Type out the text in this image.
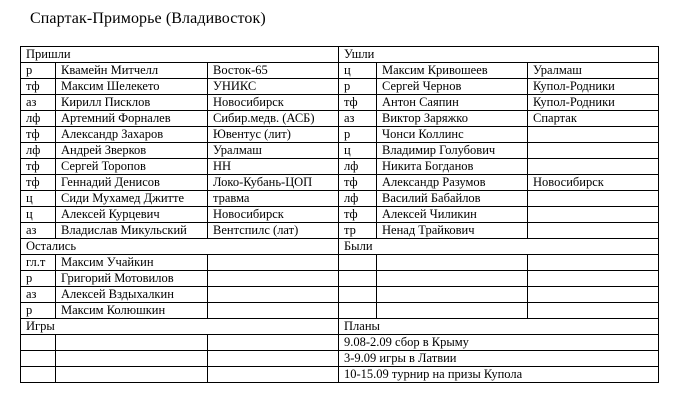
Спартак-Приморье (Владивосток)
Пришли			Ушли		
р	Квамейн Митчелл	Восток-65	ц	Максим Кривошеев	Уралмаш
тф	Максим Шелекето	УНИКС	р	Сергей Чернов	Купол-Родники
аз	Кирилл Писклов	Новосибирск	тф	Антон Саяпин	Купол-Родники
лф	Артемний Форналев	Сибир.медв. (АСБ)	аз	Виктор Заряжко	Спартак
тф	Александр Захаров	Ювентус (лит)	р	Чонси Коллинс	
лф	Андрей Зверков	Уралмаш	ц	Владимир Голубович	
тф	Сергей Торопов	НН	лф	Никита Богданов	
тф	Геннадий Денисов	Локо-Кубань-ЦОП	тф	Александр Разумов	Новосибирск
ц	Сиди Мухамед Джитте	травма	лф	Василий Бабайлов	
ц	Алексей Курцевич	Новосибирск	тф	Алексей Чиликин	
аз	Владислав Микульский	Вентспилс (лат)	тр	Ненад Трайкович	
Остались			Были		
гл.т	Максим Учайкин				
р	Григорий Мотовилов				
аз	Алексей Вздыхалкин				
р	Максим Колюшкин				
Игры			Планы		
			9.08-2.09 сбор в Крыму		
			3-9.09 игры в Латвии		
			10-15.09 турнир на призы Купола		
